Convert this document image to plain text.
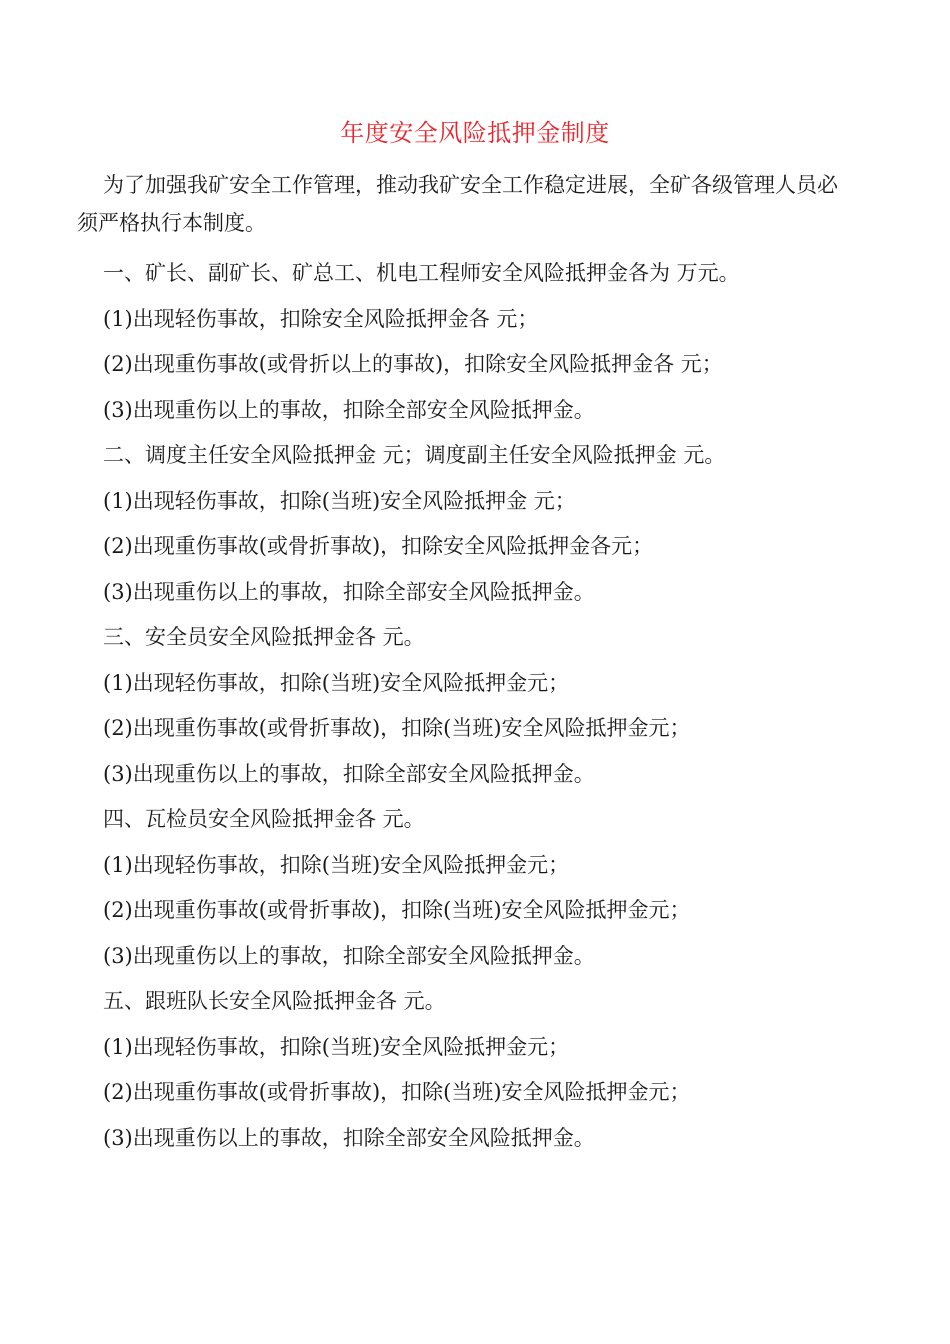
年度安全风险抵押金制度
为了加强我矿安全工作管理，推动我矿安全工作稳定进展，全矿各级管理人员必
须严格执行本制度。
一、矿长、副矿长、矿总工、机电工程师安全风险抵押金各为 万元。
(1)出现轻伤事故，扣除安全风险抵押金各 元；
(2)出现重伤事故(或骨折以上的事故)，扣除安全风险抵押金各 元；
(3)出现重伤以上的事故，扣除全部安全风险抵押金。
二、调度主任安全风险抵押金 元；调度副主任安全风险抵押金 元。
(1)出现轻伤事故，扣除(当班)安全风险抵押金 元；
(2)出现重伤事故(或骨折事故)，扣除安全风险抵押金各元；
(3)出现重伤以上的事故，扣除全部安全风险抵押金。
三、安全员安全风险抵押金各 元。
(1)出现轻伤事故，扣除(当班)安全风险抵押金元；
(2)出现重伤事故(或骨折事故)，扣除(当班)安全风险抵押金元；
(3)出现重伤以上的事故，扣除全部安全风险抵押金。
四、瓦检员安全风险抵押金各 元。
(1)出现轻伤事故，扣除(当班)安全风险抵押金元；
(2)出现重伤事故(或骨折事故)，扣除(当班)安全风险抵押金元；
(3)出现重伤以上的事故，扣除全部安全风险抵押金。
五、跟班队长安全风险抵押金各 元。
(1)出现轻伤事故，扣除(当班)安全风险抵押金元；
(2)出现重伤事故(或骨折事故)，扣除(当班)安全风险抵押金元；
(3)出现重伤以上的事故，扣除全部安全风险抵押金。
